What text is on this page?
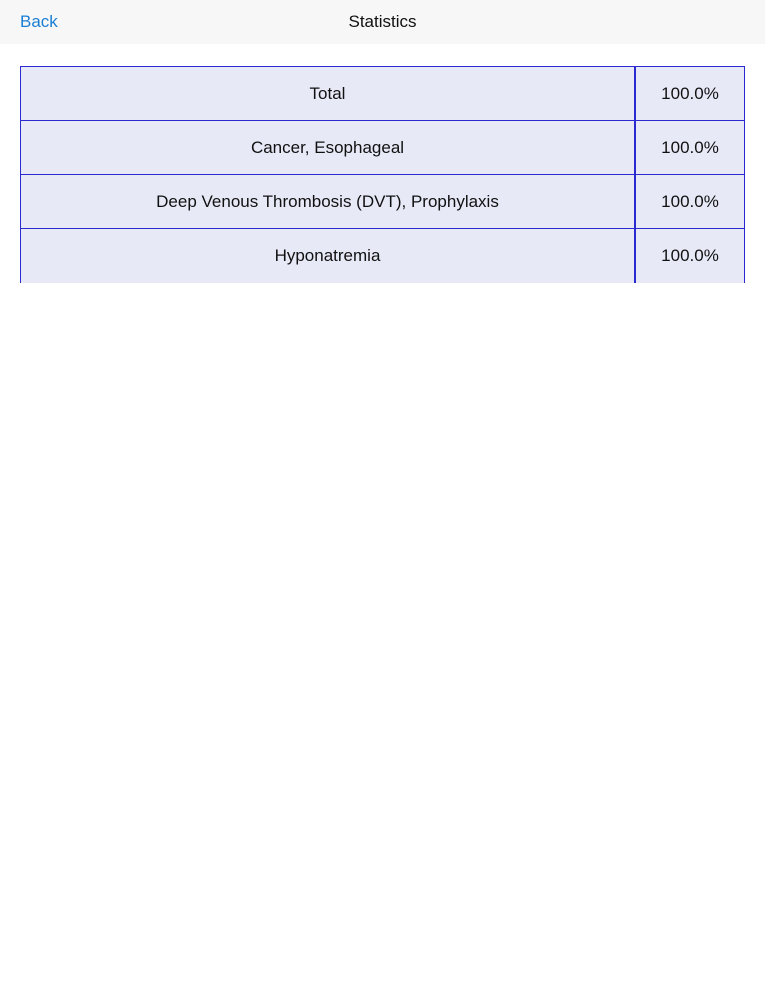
Back	Statistics
Total	100.0%
Cancer, Esophageal	100.0%
Deep Venous Thrombosis (DVT), Prophylaxis	100.0%
Hyponatremia	100.0%
